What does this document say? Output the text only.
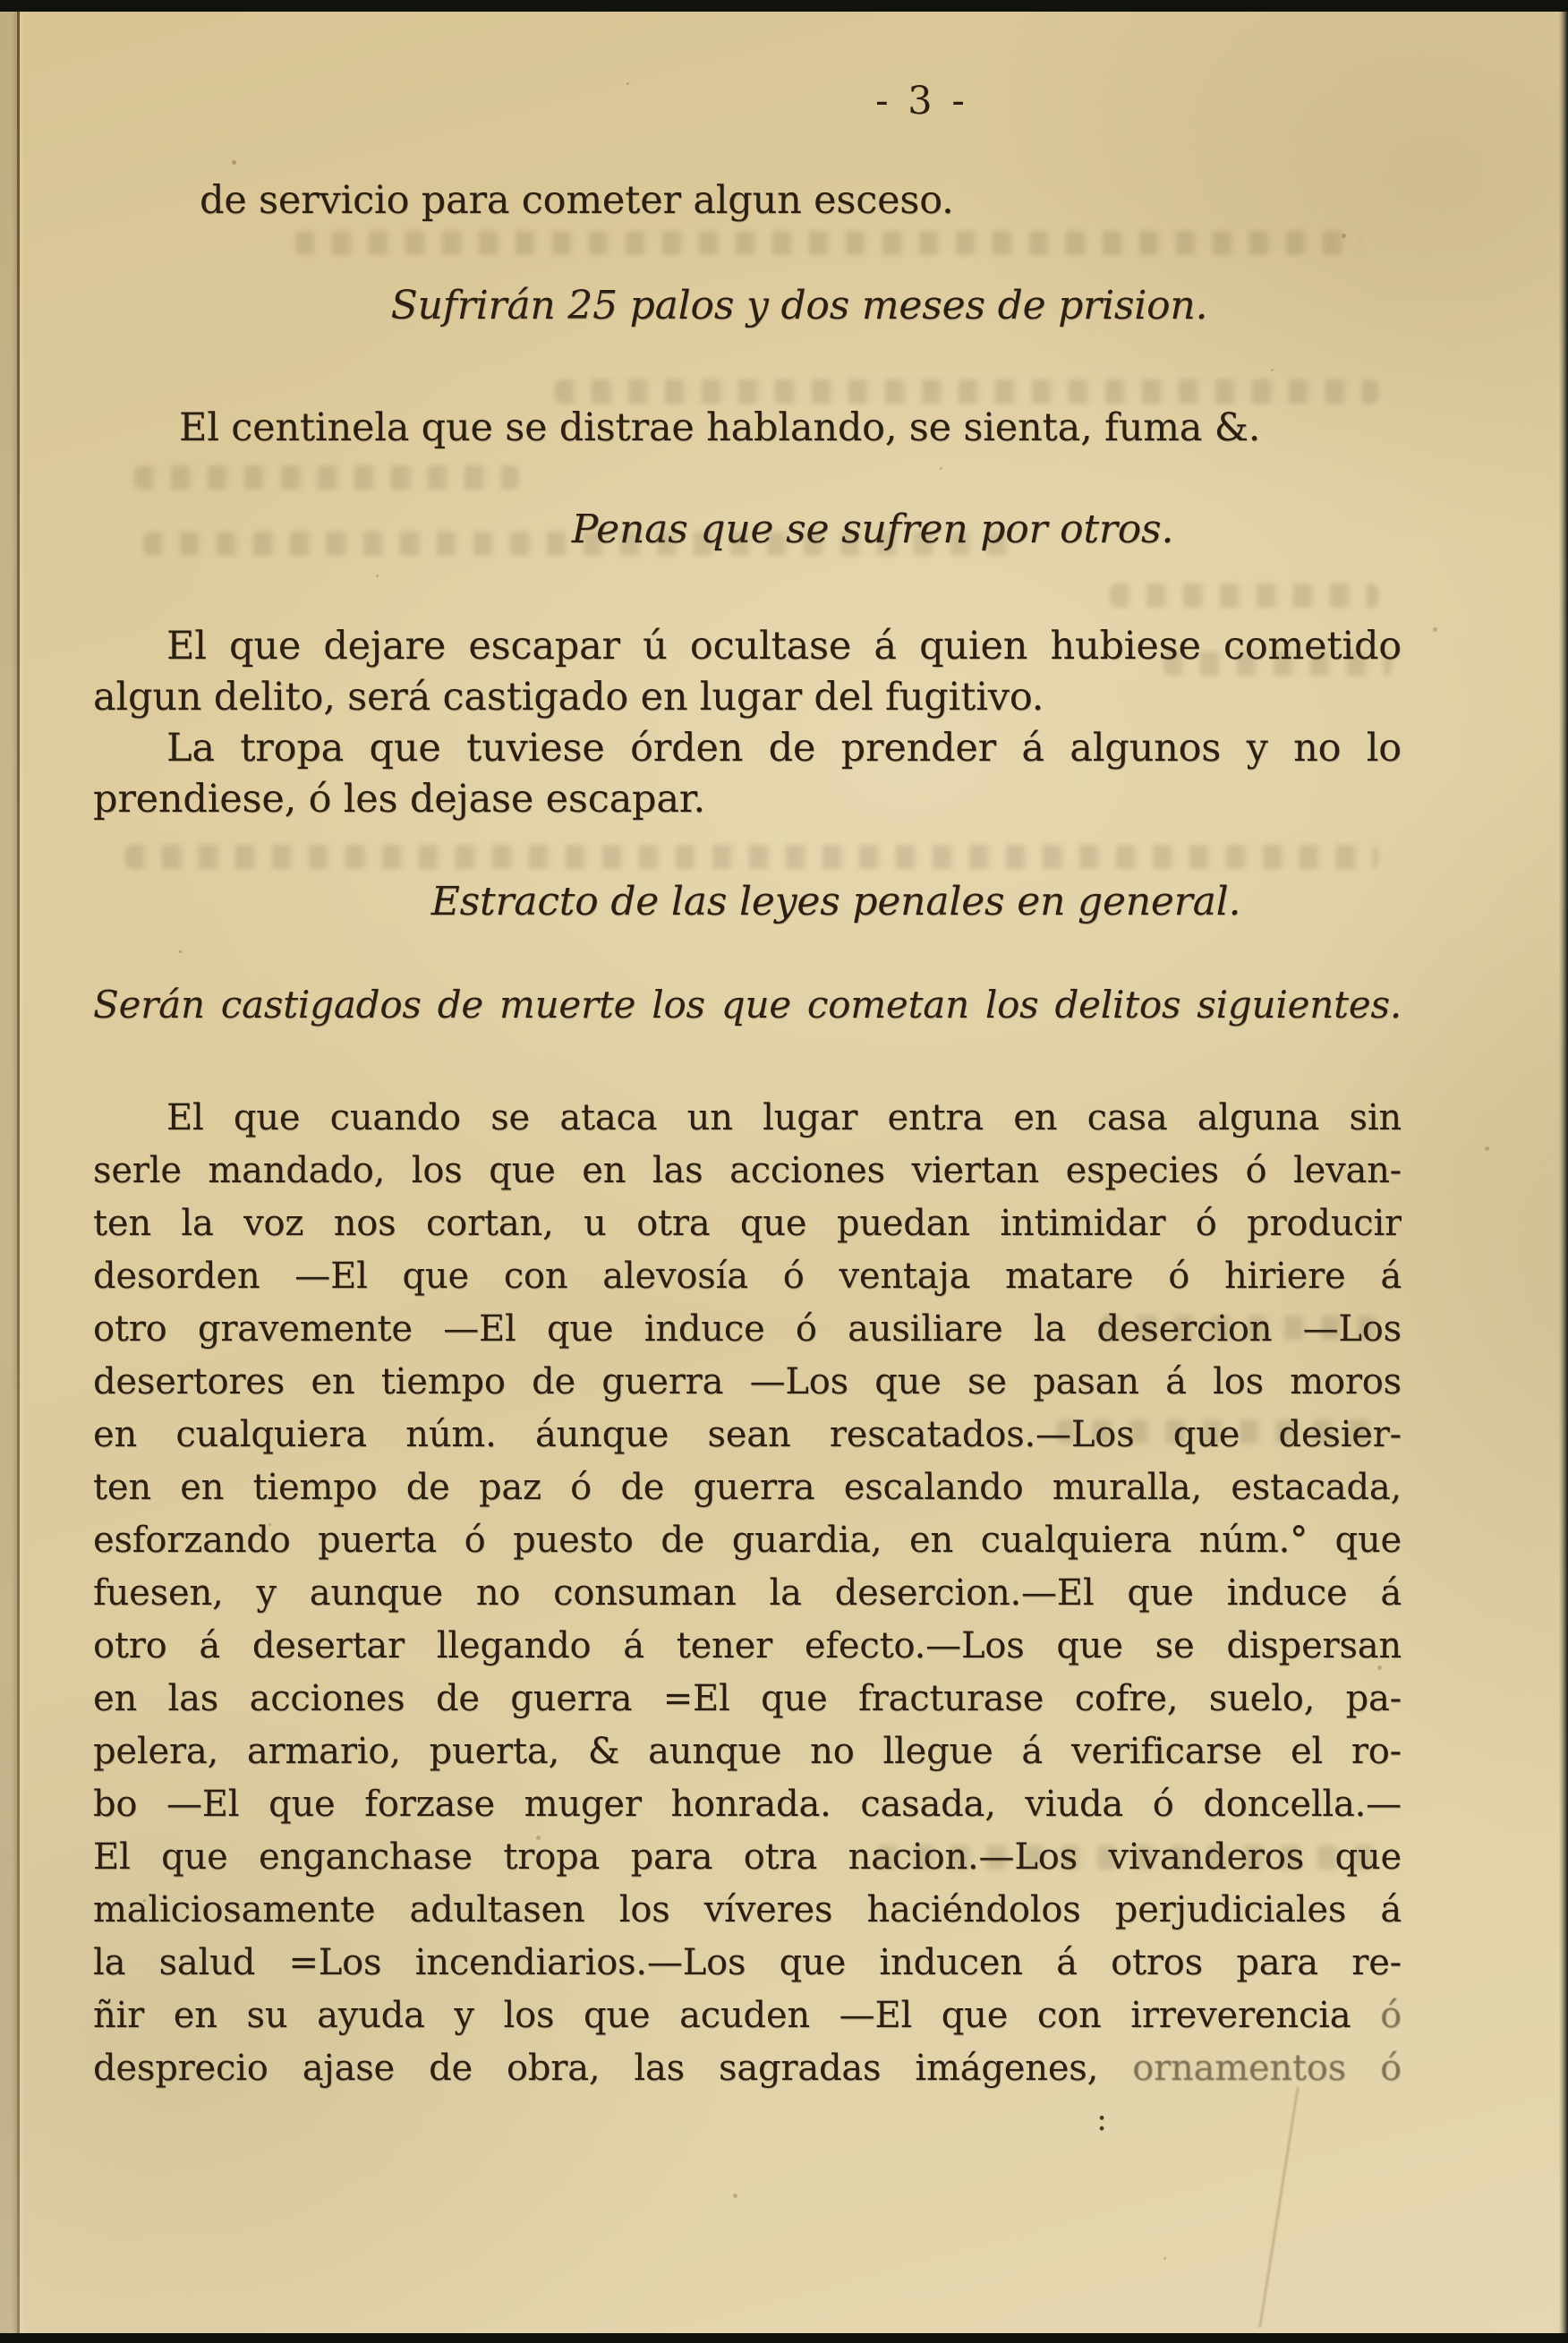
- 3 -
de servicio para cometer algun esceso.
Sufrirán 25 palos y dos meses de prision.
El centinela que se distrae hablando, se sienta, fuma &.
Penas que se sufren por otros.
El que dejare escapar ú ocultase á quien hubiese cometido
algun delito, será castigado en lugar del fugitivo.
La tropa que tuviese órden de prender á algunos y no lo
prendiese, ó les dejase escapar.
Estracto de las leyes penales en general.
Serán castigados de muerte los que cometan los delitos siguientes.
El que cuando se ataca un lugar entra en casa alguna sin
serle mandado, los que en las acciones viertan especies ó levan-
ten la voz nos cortan, u otra que puedan intimidar ó producir
desorden —El que con alevosía ó ventaja matare ó hiriere á
otro gravemente —El que induce ó ausiliare la desercion —Los
desertores en tiempo de guerra —Los que se pasan á los moros
en cualquiera núm. áunque sean rescatados.—Los que desier-
ten en tiempo de paz ó de guerra escalando muralla, estacada,
esforzando puerta ó puesto de guardia, en cualquiera núm.° que
fuesen, y aunque no consuman la desercion.—El que induce á
otro á desertar llegando á tener efecto.—Los que se dispersan
en las acciones de guerra =El que fracturase cofre, suelo, pa-
pelera, armario, puerta, & aunque no llegue á verificarse el ro-
bo —El que forzase muger honrada. casada, viuda ó doncella.—
El que enganchase tropa para otra nacion.—Los vivanderos que
maliciosamente adultasen los víveres haciéndolos perjudiciales á
la salud =Los incendiarios.—Los que inducen á otros para re-
ñir en su ayuda y los que acuden —El que con irreverencia ó
desprecio ajase de obra, las sagradas imágenes, ornamentos ó
:
